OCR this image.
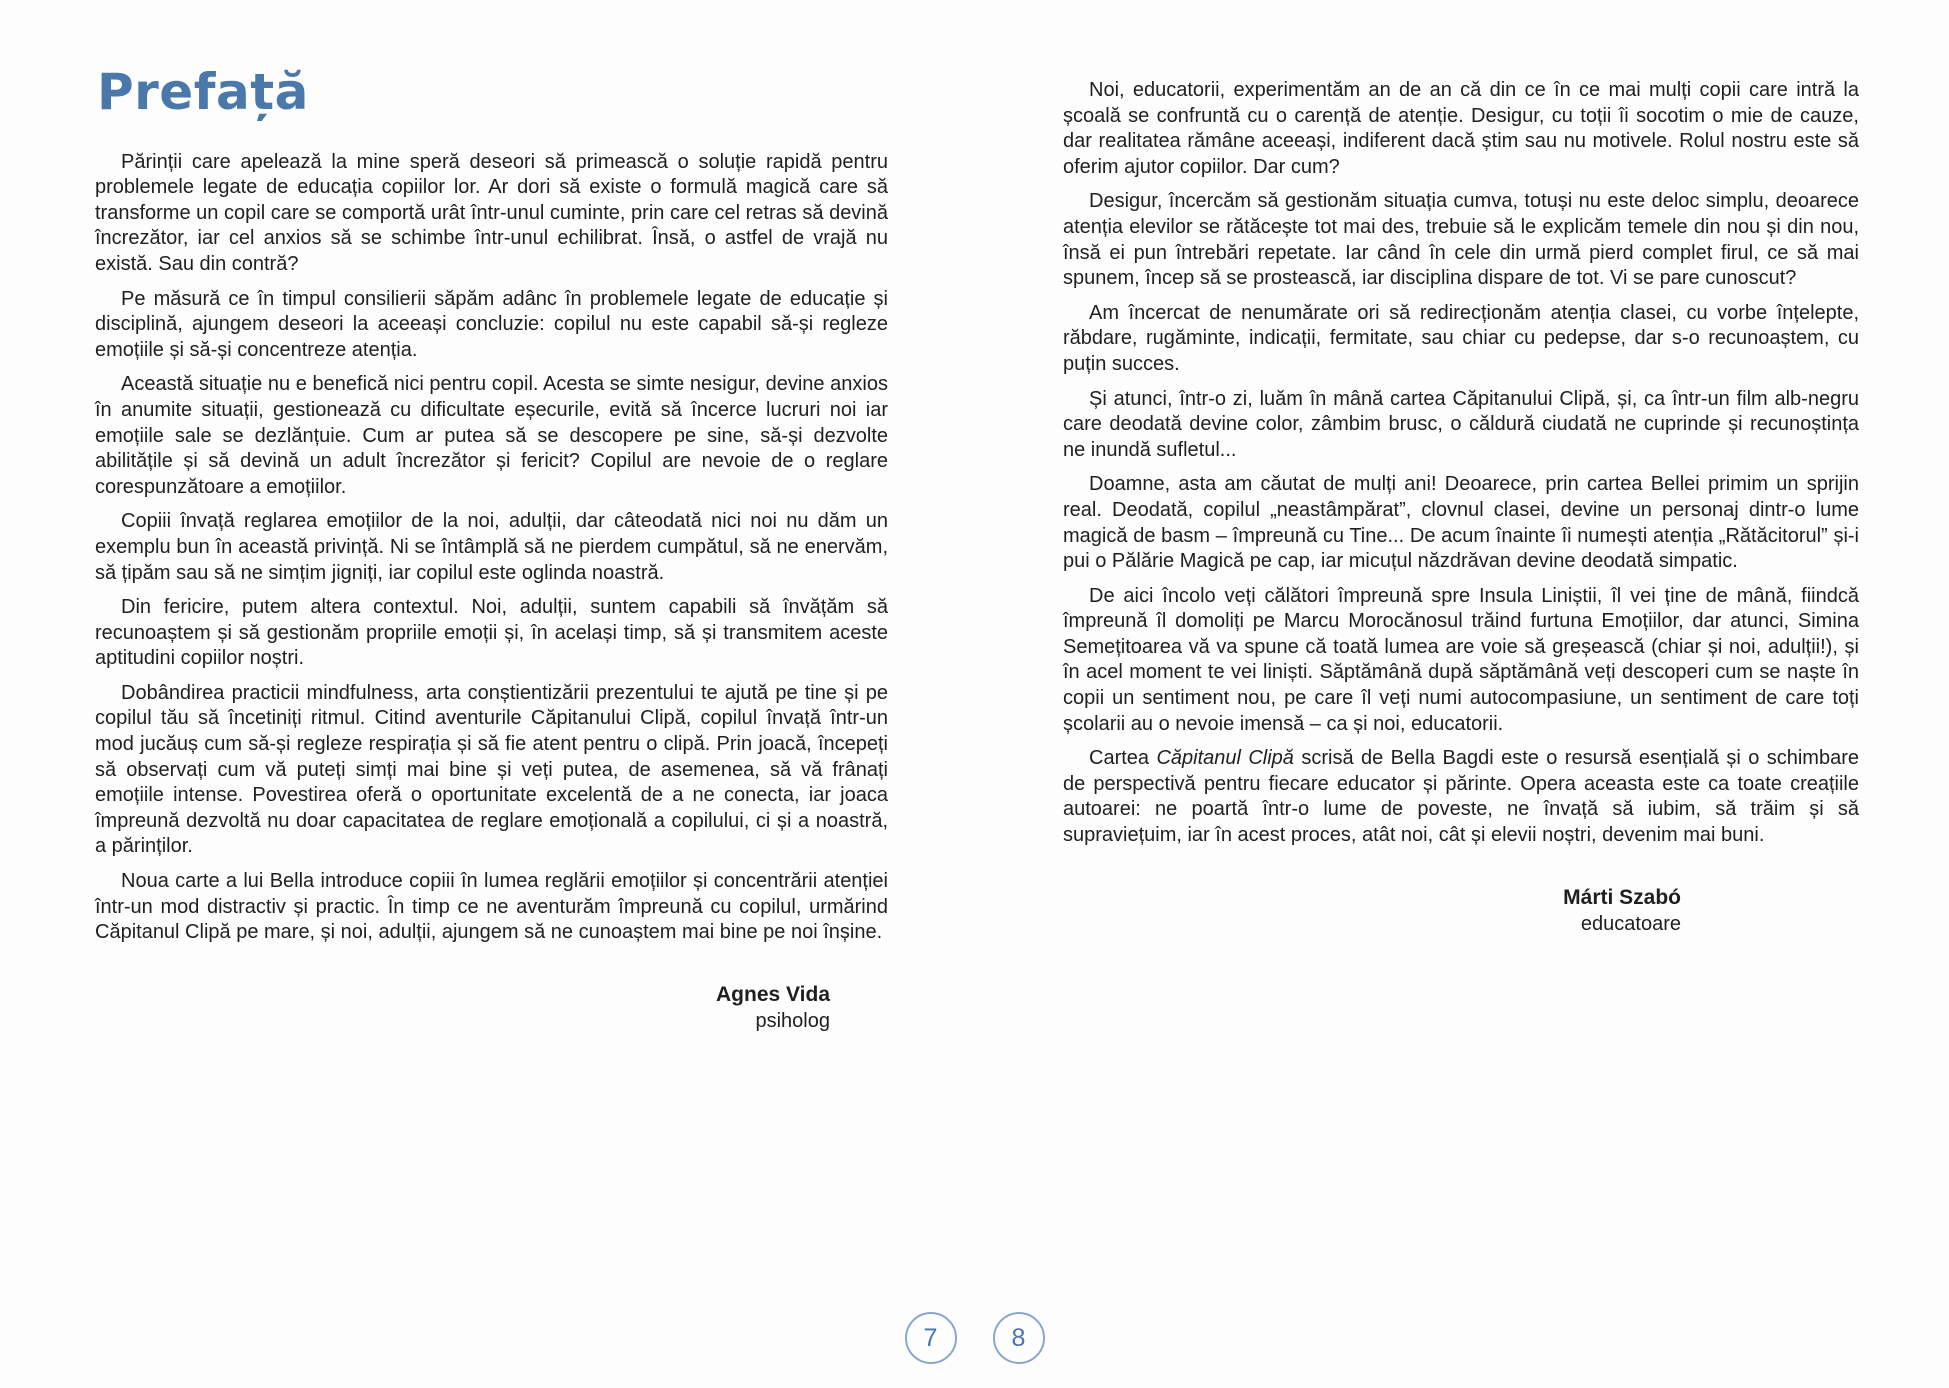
Prefață

Părinții care apelează la mine speră deseori să primească o soluție rapidă pentru problemele legate de educația copiilor lor. Ar dori să existe o formulă magică care să transforme un copil care se comportă urât într-unul cuminte, prin care cel retras să devină încrezător, iar cel anxios să se schimbe într-unul echilibrat. Însă, o astfel de vrajă nu există. Sau din contră?

Pe măsură ce în timpul consilierii săpăm adânc în problemele legate de educație și disciplină, ajungem deseori la aceeași concluzie: copilul nu este capabil să-și regleze emoțiile și să-și concentreze atenția.

Această situație nu e benefică nici pentru copil. Acesta se simte nesigur, devine anxios în anumite situații, gestionează cu dificultate eșecurile, evită să încerce lucruri noi iar emoțiile sale se dezlănțuie. Cum ar putea să se descopere pe sine, să-și dezvolte abilitățile și să devină un adult încrezător și fericit? Copilul are nevoie de o reglare corespunzătoare a emoțiilor.

Copiii învață reglarea emoțiilor de la noi, adulții, dar câteodată nici noi nu dăm un exemplu bun în această privință. Ni se întâmplă să ne pierdem cumpătul, să ne enervăm, să țipăm sau să ne simțim jigniți, iar copilul este oglinda noastră.

Din fericire, putem altera contextul. Noi, adulții, suntem capabili să învățăm să recunoaștem și să gestionăm propriile emoții și, în același timp, să și transmitem aceste aptitudini copiilor noștri.

Dobândirea practicii mindfulness, arta conștientizării prezentului te ajută pe tine și pe copilul tău să încetiniți ritmul. Citind aventurile Căpitanului Clipă, copilul învață într-un mod jucăuș cum să-și regleze respirația și să fie atent pentru o clipă. Prin joacă, începeți să observați cum vă puteți simți mai bine și veți putea, de asemenea, să vă frânați emoțiile intense. Povestirea oferă o oportunitate excelentă de a ne conecta, iar joaca împreună dezvoltă nu doar capacitatea de reglare emoțională a copilului, ci și a noastră, a părinților.

Noua carte a lui Bella introduce copiii în lumea reglării emoțiilor și concentrării atenției într-un mod distractiv și practic. În timp ce ne aventurăm împreună cu copilul, urmărind Căpitanul Clipă pe mare, și noi, adulții, ajungem să ne cunoaștem mai bine pe noi înșine.

Agnes Vida
psiholog

Noi, educatorii, experimentăm an de an că din ce în ce mai mulți copii care intră la școală se confruntă cu o carență de atenție. Desigur, cu toții îi socotim o mie de cauze, dar realitatea rămâne aceeași, indiferent dacă știm sau nu motivele. Rolul nostru este să oferim ajutor copiilor. Dar cum?

Desigur, încercăm să gestionăm situația cumva, totuși nu este deloc simplu, deoarece atenția elevilor se rătăcește tot mai des, trebuie să le explicăm temele din nou și din nou, însă ei pun întrebări repetate. Iar când în cele din urmă pierd complet firul, ce să mai spunem, încep să se prostească, iar disciplina dispare de tot. Vi se pare cunoscut?

Am încercat de nenumărate ori să redirecționăm atenția clasei, cu vorbe înțelepte, răbdare, rugăminte, indicații, fermitate, sau chiar cu pedepse, dar s-o recunoaștem, cu puțin succes.

Și atunci, într-o zi, luăm în mână cartea Căpitanului Clipă, și, ca într-un film alb-negru care deodată devine color, zâmbim brusc, o căldură ciudată ne cuprinde și recunoștința ne inundă sufletul...

Doamne, asta am căutat de mulți ani! Deoarece, prin cartea Bellei primim un sprijin real. Deodată, copilul „neastâmpărat”, clovnul clasei, devine un personaj dintr-o lume magică de basm – împreună cu Tine... De acum înainte îi numești atenția „Rătăcitorul” și-i pui o Pălărie Magică pe cap, iar micuțul năzdrăvan devine deodată simpatic.

De aici încolo veți călători împreună spre Insula Liniștii, îl vei ține de mână, fiindcă împreună îl domoliți pe Marcu Morocănosul trăind furtuna Emoțiilor, dar atunci, Simina Semețitoarea vă va spune că toată lumea are voie să greșească (chiar și noi, adulții!), și în acel moment te vei liniști. Săptămână după săptămână veți descoperi cum se naște în copii un sentiment nou, pe care îl veți numi autocompasiune, un sentiment de care toți școlarii au o nevoie imensă – ca și noi, educatorii.

Cartea Căpitanul Clipă scrisă de Bella Bagdi este o resursă esențială și o schimbare de perspectivă pentru fiecare educator și părinte. Opera aceasta este ca toate creațiile autoarei: ne poartă într-o lume de poveste, ne învață să iubim, să trăim și să supraviețuim, iar în acest proces, atât noi, cât și elevii noștri, devenim mai buni.

Márti Szabó
educatoare
7	8
